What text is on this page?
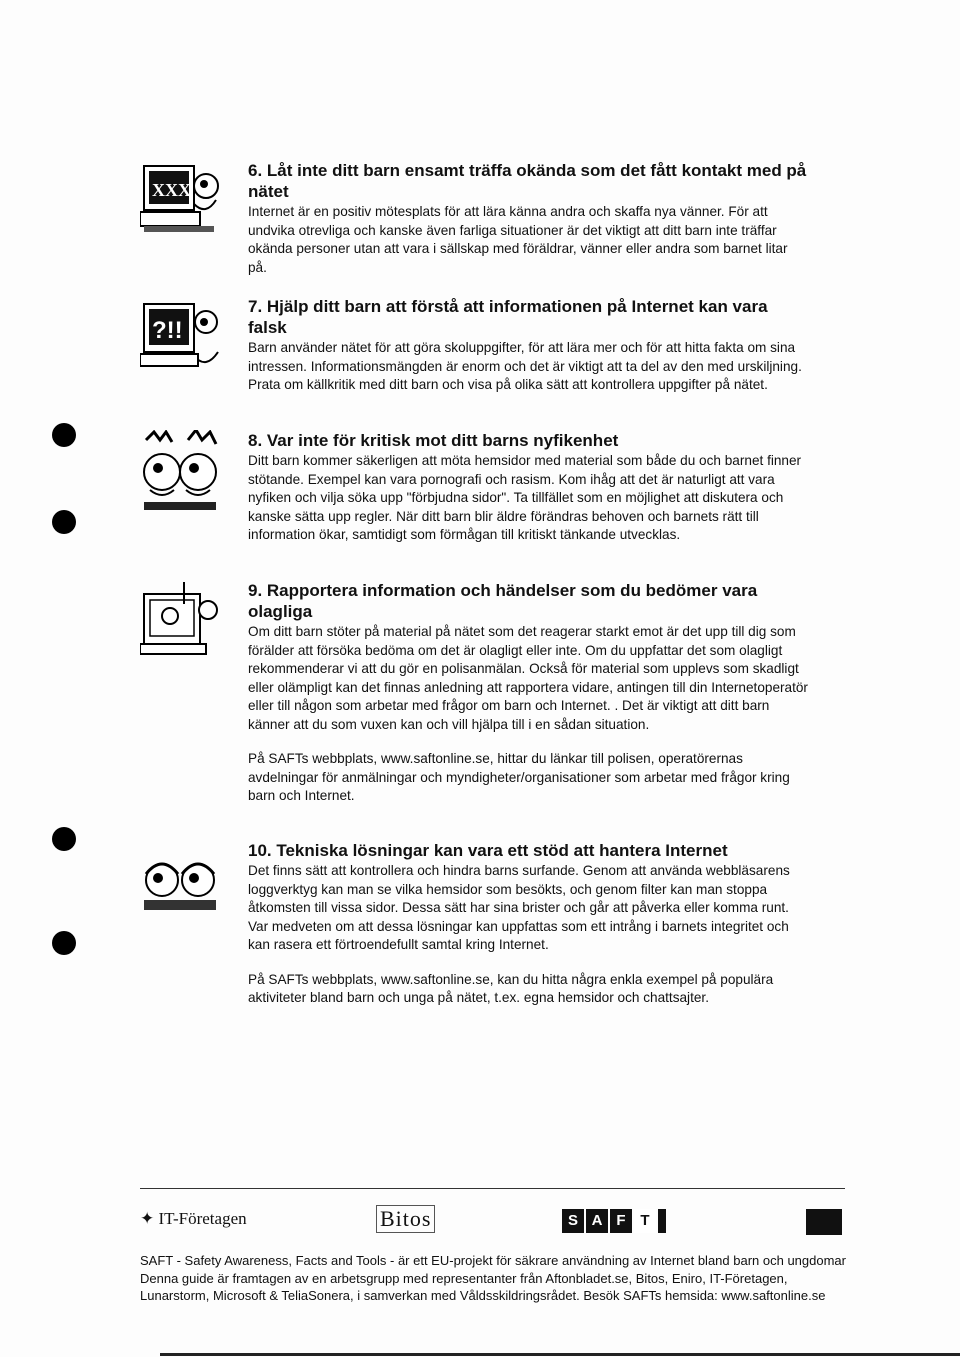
XXX
6. Låt inte ditt barn ensamt träffa okända som det fått kontakt med på nätet

Internet är en positiv mötesplats för att lära känna andra och skaffa nya vänner. För att undvika otrevliga och kanske även farliga situationer är det viktigt att ditt barn inte träffar okända personer utan att vara i sällskap med föräldrar, vänner eller andra som barnet litar på.

?!!
7. Hjälp ditt barn att förstå att informationen på Internet kan vara falsk

Barn använder nätet för att göra skoluppgifter, för att lära mer och för att hitta fakta om sina intressen. Informationsmängden är enorm och det är viktigt att ta del av den med urskiljning. Prata om källkritik med ditt barn och visa på olika sätt att kontrollera uppgifter på nätet.

8. Var inte för kritisk mot ditt barns nyfikenhet

Ditt barn kommer säkerligen att möta hemsidor med material som både du och barnet finner stötande. Exempel kan vara pornografi och rasism. Kom ihåg att det är naturligt att vara nyfiken och vilja söka upp "förbjudna sidor". Ta tillfället som en möjlighet att diskutera och kanske sätta upp regler. När ditt barn blir äldre förändras behoven och barnets rätt till information ökar, samtidigt som förmågan till kritiskt tänkande utvecklas.

9. Rapportera information och händelser som du bedömer vara olagliga

Om ditt barn stöter på material på nätet som det reagerar starkt emot är det upp till dig som förälder att försöka bedöma om det är olagligt eller inte. Om du uppfattar det som olagligt rekommenderar vi att du gör en polisanmälan. Också för material som upplevs som skadligt eller olämpligt kan det finnas anledning att rapportera vidare, antingen till din Internetoperatör eller till någon som arbetar med frågor om barn och Internet. . Det är viktigt att ditt barn känner att du som vuxen kan och vill hjälpa till i en sådan situation.

På SAFTs webbplats, www.saftonline.se, hittar du länkar till polisen, operatörernas avdelningar för anmälningar och myndigheter/organisationer som arbetar med frågor kring barn och Internet.

10. Tekniska lösningar kan vara ett stöd att hantera Internet

Det finns sätt att kontrollera och hindra barns surfande. Genom att använda webbläsarens loggverktyg kan man se vilka hemsidor som besökts, och genom filter kan man stoppa åtkomsten till vissa sidor. Dessa sätt har sina brister och går att påverka eller komma runt. Var medveten om att dessa lösningar kan uppfattas som ett intrång i barnets integritet och kan rasera ett förtroendefullt samtal kring Internet.

På SAFTs webbplats, www.saftonline.se, kan du hitta några enkla exempel på populära aktiviteter bland barn och unga på nätet, t.ex. egna hemsidor och chattsajter.

✦ IT-Företagen	Bitos	S A F T
SAFT - Safety Awareness, Facts and Tools - är ett EU-projekt för säkrare användning av Internet bland barn och ungdomar
Denna guide är framtagen av en arbetsgrupp med representanter från Aftonbladet.se, Bitos, Eniro, IT-Företagen,
Lunarstorm, Microsoft & TeliaSonera, i samverkan med Våldsskildringsrådet. Besök SAFTs hemsida: www.saftonline.se
